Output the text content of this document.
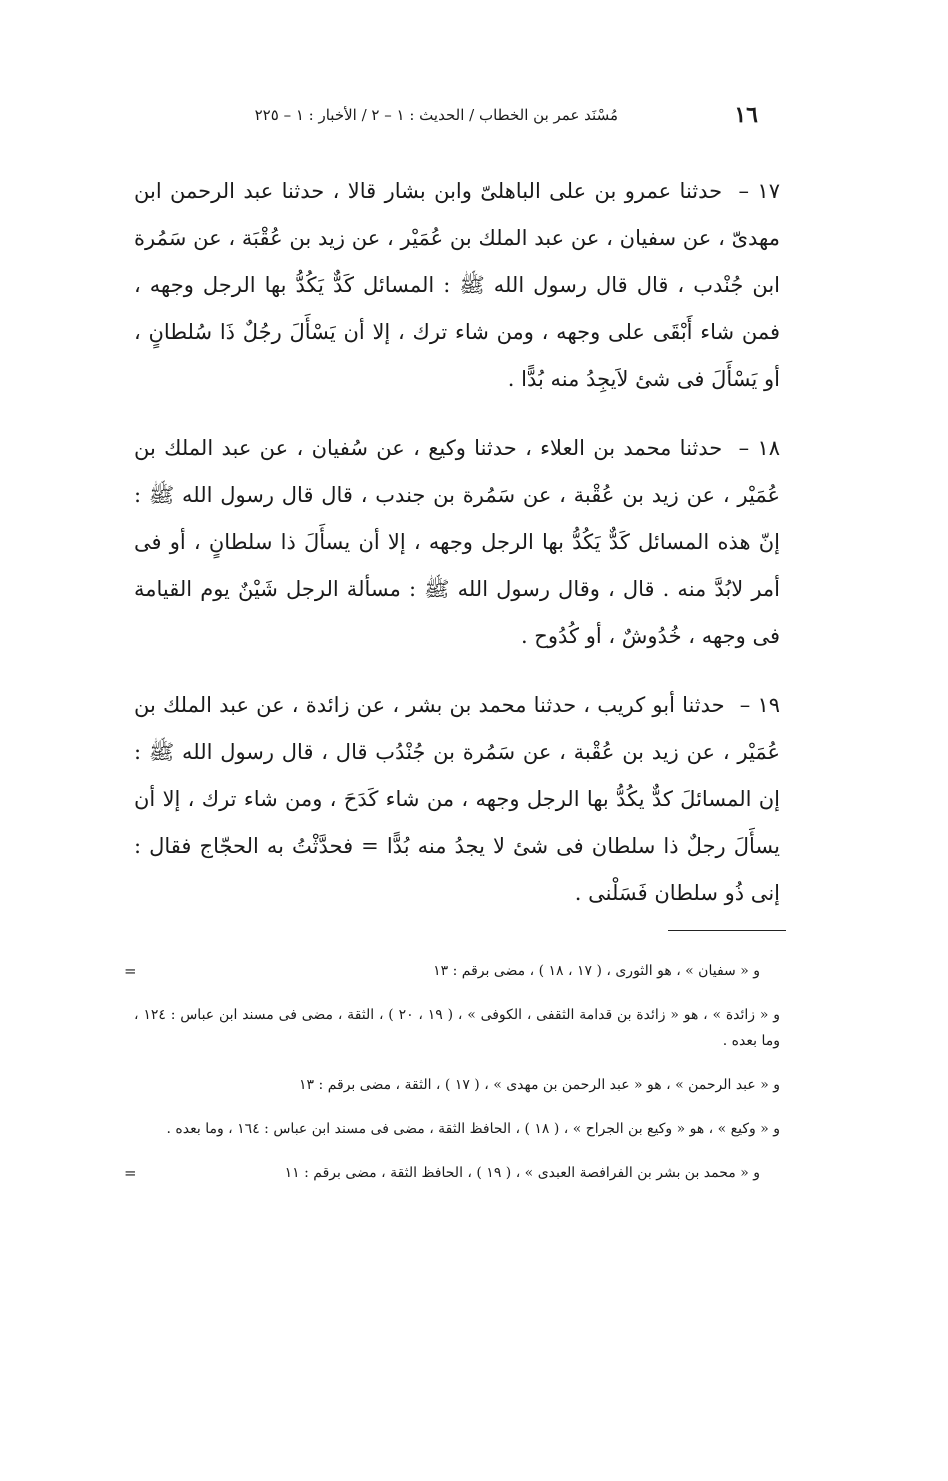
١٦
مُسْنَد عمر بن الخطاب / الحديث : ١ – ٢ / الأخبار : ١ – ٢٢٥

١٧ – حدثنا عمرو بن على الباهلىّ وابن بشار قالا ، حدثنا عبد الرحمن ابن مهدىّ ، عن سفيان ، عن عبد الملك بن عُمَيْر ، عن زيد بن عُقْبَة ، عن سَمُرة ابن جُنْدب ، قال قال رسول الله ﷺ : المسائل كَدٌّ يَكُدُّ بها الرجل وجهه ، فمن شاء أَبْقَى على وجهه ، ومن شاء ترك ، إلا أن يَسْأَلَ رجُلٌ ذَا سُلطانٍ ، أو يَسْأَلَ فى شئ لاَيجِدُ منه بُدًّا .

١٨ – حدثنا محمد بن العلاء ، حدثنا وكيع ، عن سُفيان ، عن عبد الملك بن عُمَيْر ، عن زيد بن عُقْبة ، عن سَمُرة بن جندب ، قال قال رسول الله ﷺ : إنّ هذه المسائل كَدٌّ يَكُدُّ بها الرجل وجهه ، إلا أن يسأَلَ ذا سلطانٍ ، أو فى أمر لابُدَّ منه . قال ، وقال رسول الله ﷺ : مسألة الرجل شَيْنٌ يوم القيامة فى وجهه ، خُدُوشٌ ، أو كُدُوح .

١٩ – حدثنا أبو كريب ، حدثنا محمد بن بشر ، عن زائدة ، عن عبد الملك بن عُمَيْر ، عن زيد بن عُقْبة ، عن سَمُرة بن جُنْدُب قال ، قال رسول الله ﷺ : إن المسائلَ كدٌّ يكُدُّ بها الرجل وجهه ، من شاء كَدَحَ ، ومن شاء ترك ، إلا أن يسأَلَ رجلٌ ذا سلطان فى شئ لا يجدُ منه بُدًّا = فحدَّثْتُ به الحجّاج فقال : إنى ذُو سلطان فَسَلْنى .

=	و « سفيان » ، هو الثورى ، ( ١٧ ، ١٨ ) ، مضى برقم : ١٣

و « زائدة » ، هو « زائدة بن قدامة الثقفى ، الكوفى » ، ( ١٩ ، ٢٠ ) ، الثقة ، مضى فى مسند ابن عباس : ١٢٤ ، وما بعده .

و « عبد الرحمن » ، هو « عبد الرحمن بن مهدى » ، ( ١٧ ) ، الثقة ، مضى برقم : ١٣

و « وكيع » ، هو « وكيع بن الجراح » ، ( ١٨ ) ، الحافظ الثقة ، مضى فى مسند ابن عباس : ١٦٤ ، وما بعده .

و « محمد بن بشر بن الفرافصة العبدى » ، ( ١٩ ) ، الحافظ الثقة ، مضى برقم : ١١
=
